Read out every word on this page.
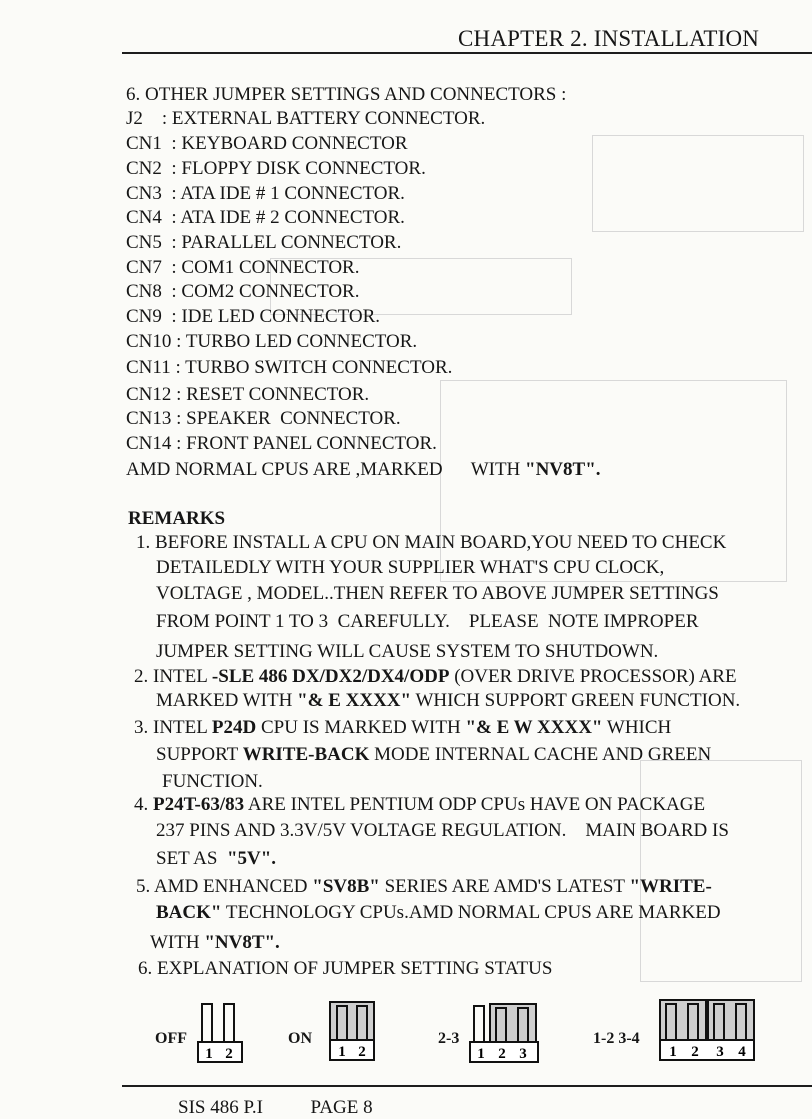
CHAPTER 2. INSTALLATION
6. OTHER JUMPER SETTINGS AND CONNECTORS :
J2    : EXTERNAL BATTERY CONNECTOR.
CN1  : KEYBOARD CONNECTOR
CN2  : FLOPPY DISK CONNECTOR.
CN3  : ATA IDE # 1 CONNECTOR.
CN4  : ATA IDE # 2 CONNECTOR.
CN5  : PARALLEL CONNECTOR.
CN7  : COM1 CONNECTOR.
CN8  : COM2 CONNECTOR.
CN9  : IDE LED CONNECTOR.
CN10 : TURBO LED CONNECTOR.
CN11 : TURBO SWITCH CONNECTOR.
CN12 : RESET CONNECTOR.
CN13 : SPEAKER  CONNECTOR.
CN14 : FRONT PANEL CONNECTOR.
AMD NORMAL CPUS ARE ,MARKED      WITH "NV8T".
REMARKS
1. BEFORE INSTALL A CPU ON MAIN BOARD,YOU NEED TO CHECK
DETAILEDLY WITH YOUR SUPPLIER WHAT'S CPU CLOCK,
VOLTAGE , MODEL..THEN REFER TO ABOVE JUMPER SETTINGS
FROM POINT 1 TO 3  CAREFULLY.    PLEASE  NOTE IMPROPER
JUMPER SETTING WILL CAUSE SYSTEM TO SHUTDOWN.
2. INTEL -SLE 486 DX/DX2/DX4/ODP (OVER DRIVE PROCESSOR) ARE
MARKED WITH "& E XXXX" WHICH SUPPORT GREEN FUNCTION.
3. INTEL P24D CPU IS MARKED WITH "& E W XXXX" WHICH
SUPPORT WRITE-BACK MODE INTERNAL CACHE AND GREEN
FUNCTION.
4. P24T-63/83 ARE INTEL PENTIUM ODP CPUs HAVE ON PACKAGE
237 PINS AND 3.3V/5V VOLTAGE REGULATION.    MAIN BOARD IS
SET AS  "5V".
5. AMD ENHANCED "SV8B" SERIES ARE AMD'S LATEST "WRITE-
BACK" TECHNOLOGY CPUs.AMD NORMAL CPUS ARE MARKED
WITH "NV8T".
6. EXPLANATION OF JUMPER SETTING STATUS
OFF
1 2
ON
1 2
2-3
1 2 3
1-2 3-4
1 2 3 4
SIS 486 P.I          PAGE 8
